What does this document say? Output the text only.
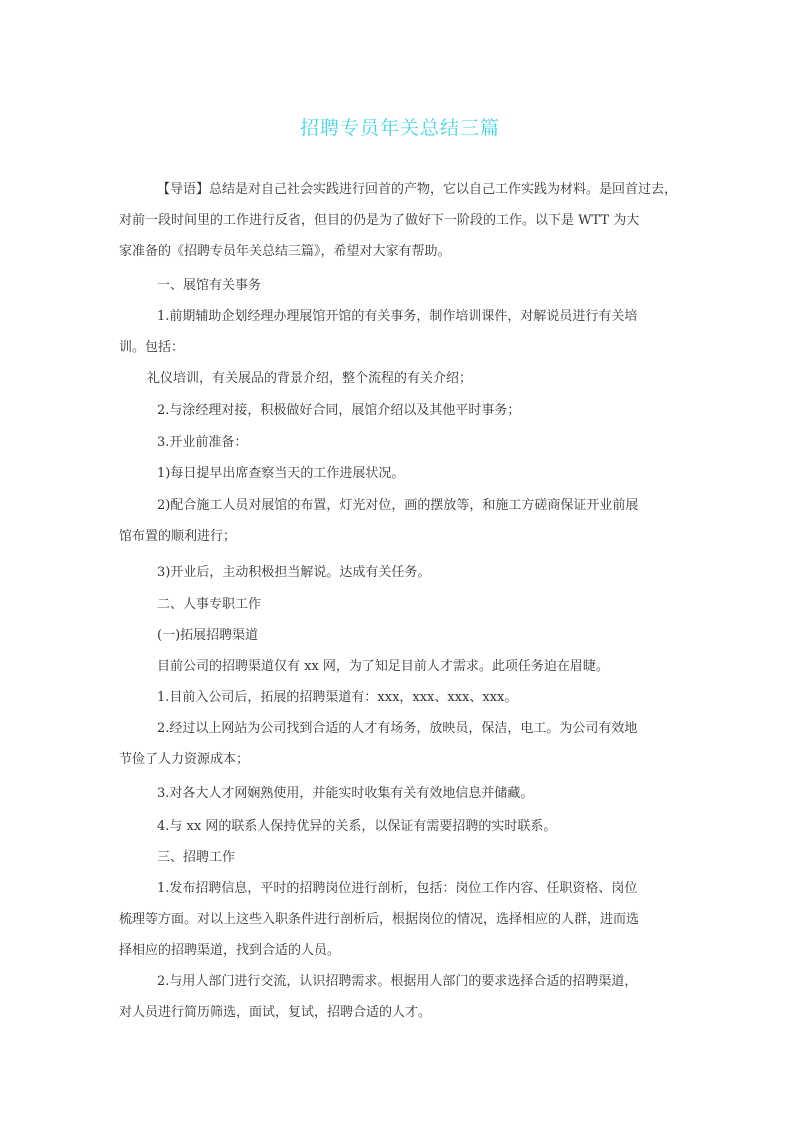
招聘专员年关总结三篇

【导语】总结是对自己社会实践进行回首的产物，它以自己工作实践为材料。是回首过去，

对前一段时间里的工作进行反省，但目的仍是为了做好下一阶段的工作。以下是 WTT 为大

家准备的《招聘专员年关总结三篇》，希望对大家有帮助。

一、展馆有关事务

1.前期辅助企划经理办理展馆开馆的有关事务，制作培训课件，对解说员进行有关培

训。包括：

礼仪培训，有关展品的背景介绍，整个流程的有关介绍；

2.与涂经理对接，积极做好合同，展馆介绍以及其他平时事务；

3.开业前准备：

1)每日提早出席查察当天的工作进展状况。

2)配合施工人员对展馆的布置，灯光对位，画的摆放等，和施工方磋商保证开业前展

馆布置的顺利进行；

3)开业后，主动积极担当解说。达成有关任务。

二、人事专职工作

(一)拓展招聘渠道

目前公司的招聘渠道仅有 xx 网，为了知足目前人才需求。此项任务迫在眉睫。

1.目前入公司后，拓展的招聘渠道有：xxx，xxx、xxx、xxx。

2.经过以上网站为公司找到合适的人才有场务，放映员，保洁，电工。为公司有效地

节俭了人力资源成本；

3.对各大人才网娴熟使用，并能实时收集有关有效地信息并储藏。

4.与 xx 网的联系人保持优异的关系，以保证有需要招聘的实时联系。

三、招聘工作

1.发布招聘信息，平时的招聘岗位进行剖析，包括：岗位工作内容、任职资格、岗位

梳理等方面。对以上这些入职条件进行剖析后，根据岗位的情况，选择相应的人群，进而选

择相应的招聘渠道，找到合适的人员。

2.与用人部门进行交流，认识招聘需求。根据用人部门的要求选择合适的招聘渠道，

对人员进行简历筛选，面试，复试，招聘合适的人才。
